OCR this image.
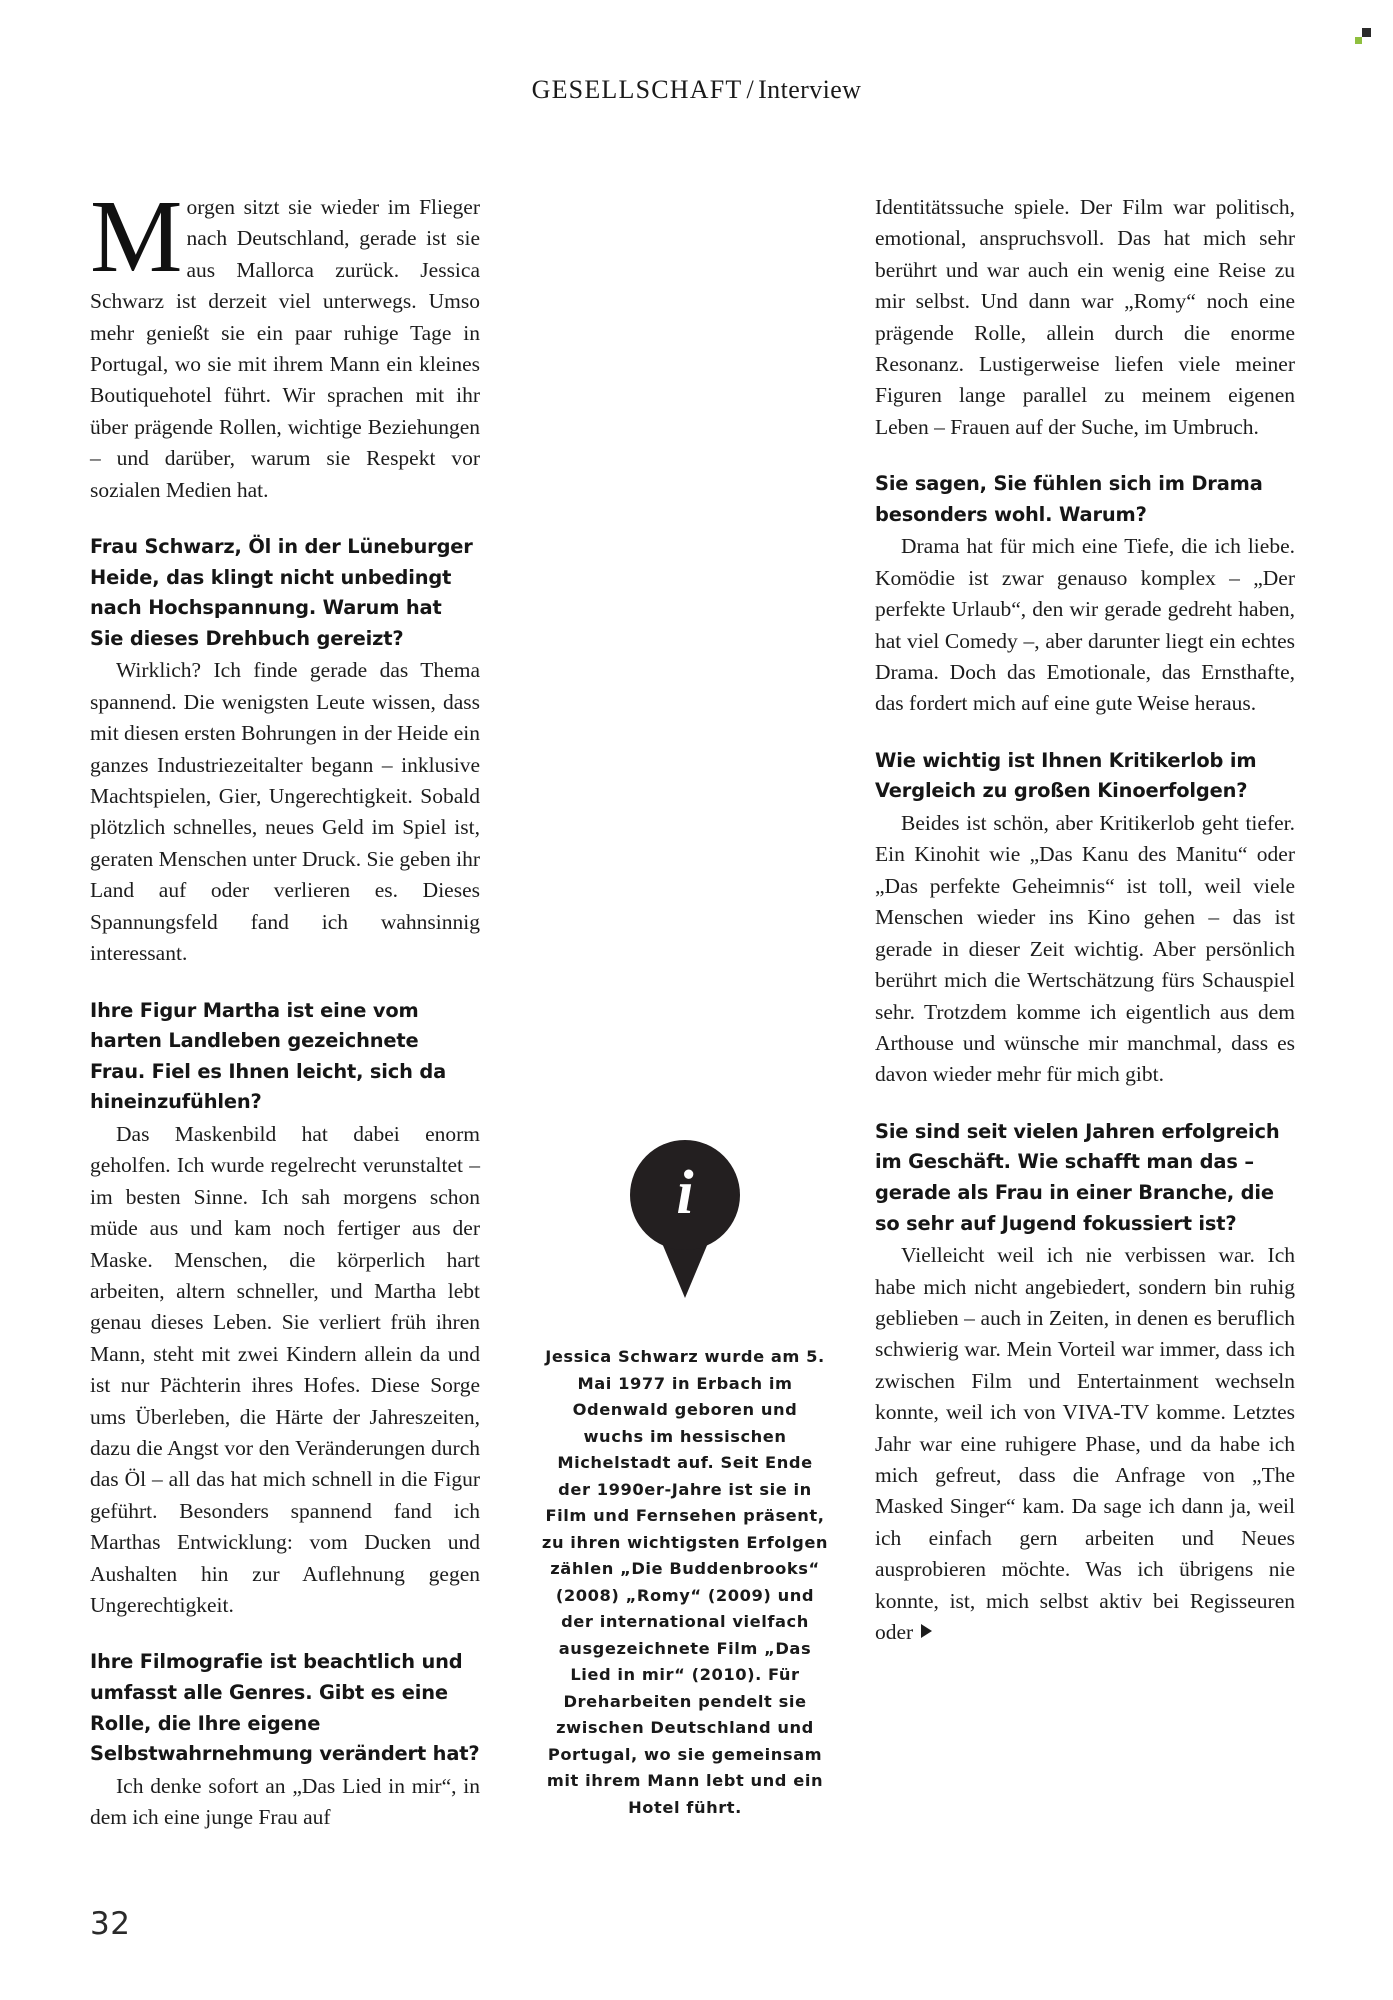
GESELLSCHAFT / Interview

Morgen sitzt sie wieder im Flieger nach Deutschland, gerade ist sie aus Mallorca zurück. Jessica Schwarz ist derzeit viel unterwegs. Umso mehr genießt sie ein paar ruhige Tage in Portugal, wo sie mit ihrem Mann ein kleines Boutiquehotel führt. Wir sprachen mit ihr über prägende Rollen, wichtige Beziehungen – und darüber, warum sie Respekt vor sozialen Medien hat.

Frau Schwarz, Öl in der Lüneburger Heide, das klingt nicht unbedingt nach Hochspannung. Warum hat Sie dieses Drehbuch gereizt?

Wirklich? Ich finde gerade das Thema spannend. Die wenigsten Leute wissen, dass mit diesen ersten Bohrungen in der Heide ein ganzes Industriezeitalter begann – inklusive Machtspielen, Gier, Ungerechtigkeit. Sobald plötzlich schnelles, neues Geld im Spiel ist, geraten Menschen unter Druck. Sie geben ihr Land auf oder verlieren es. Dieses Spannungsfeld fand ich wahnsinnig interessant.

Ihre Figur Martha ist eine vom harten Landleben gezeichnete Frau. Fiel es Ihnen leicht, sich da hineinzufühlen?

Das Maskenbild hat dabei enorm geholfen. Ich wurde regelrecht verunstaltet – im besten Sinne. Ich sah morgens schon müde aus und kam noch fertiger aus der Maske. Menschen, die körperlich hart arbeiten, altern schneller, und Martha lebt genau dieses Leben. Sie verliert früh ihren Mann, steht mit zwei Kindern allein da und ist nur Pächterin ihres Hofes. Diese Sorge ums Überleben, die Härte der Jahreszeiten, dazu die Angst vor den Veränderungen durch das Öl – all das hat mich schnell in die Figur geführt. Besonders spannend fand ich Marthas Entwicklung: vom Ducken und Aushalten hin zur Auflehnung gegen Ungerechtigkeit.

Ihre Filmografie ist beachtlich und umfasst alle Genres. Gibt es eine Rolle, die Ihre eigene Selbstwahrnehmung verändert hat?

Ich denke sofort an „Das Lied in mir“, in dem ich eine junge Frau auf

i
Jessica Schwarz wurde am 5. Mai 1977 in Erbach im Odenwald geboren und wuchs im hessischen Michelstadt auf. Seit Ende der 1990er-Jahre ist sie in Film und Fernsehen präsent, zu ihren wichtigsten Erfolgen zählen „Die Buddenbrooks“ (2008) „Romy“ (2009) und der international vielfach ausgezeichnete Film „Das Lied in mir“ (2010). Für Dreharbeiten pendelt sie zwischen Deutschland und Portugal, wo sie gemeinsam mit ihrem Mann lebt und ein Hotel führt.

Identitätssuche spiele. Der Film war politisch, emotional, anspruchsvoll. Das hat mich sehr berührt und war auch ein wenig eine Reise zu mir selbst. Und dann war „Romy“ noch eine prägende Rolle, allein durch die enorme Resonanz. Lustigerweise liefen viele meiner Figuren lange parallel zu meinem eigenen Leben – Frauen auf der Suche, im Umbruch.

Sie sagen, Sie fühlen sich im Drama besonders wohl. Warum?

Drama hat für mich eine Tiefe, die ich liebe. Komödie ist zwar genauso komplex – „Der perfekte Urlaub“, den wir gerade gedreht haben, hat viel Comedy –, aber darunter liegt ein echtes Drama. Doch das Emotionale, das Ernsthafte, das fordert mich auf eine gute Weise heraus.

Wie wichtig ist Ihnen Kritikerlob im Vergleich zu großen Kinoerfolgen?

Beides ist schön, aber Kritikerlob geht tiefer. Ein Kinohit wie „Das Kanu des Manitu“ oder „Das perfekte Geheimnis“ ist toll, weil viele Menschen wieder ins Kino gehen – das ist gerade in dieser Zeit wichtig. Aber persönlich berührt mich die Wertschätzung fürs Schauspiel sehr. Trotzdem komme ich eigentlich aus dem Arthouse und wünsche mir manchmal, dass es davon wieder mehr für mich gibt.

Sie sind seit vielen Jahren erfolgreich im Geschäft. Wie schafft man das – gerade als Frau in einer Branche, die so sehr auf Jugend fokussiert ist?

Vielleicht weil ich nie verbissen war. Ich habe mich nicht angebiedert, sondern bin ruhig geblieben – auch in Zeiten, in denen es beruflich schwierig war. Mein Vorteil war immer, dass ich zwischen Film und Entertainment wechseln konnte, weil ich von VIVA-TV komme. Letztes Jahr war eine ruhigere Phase, und da habe ich mich gefreut, dass die Anfrage von „The Masked Singer“ kam. Da sage ich dann ja, weil ich einfach gern arbeiten und Neues ausprobieren möchte. Was ich übrigens nie konnte, ist, mich selbst aktiv bei Regisseuren oder

32
